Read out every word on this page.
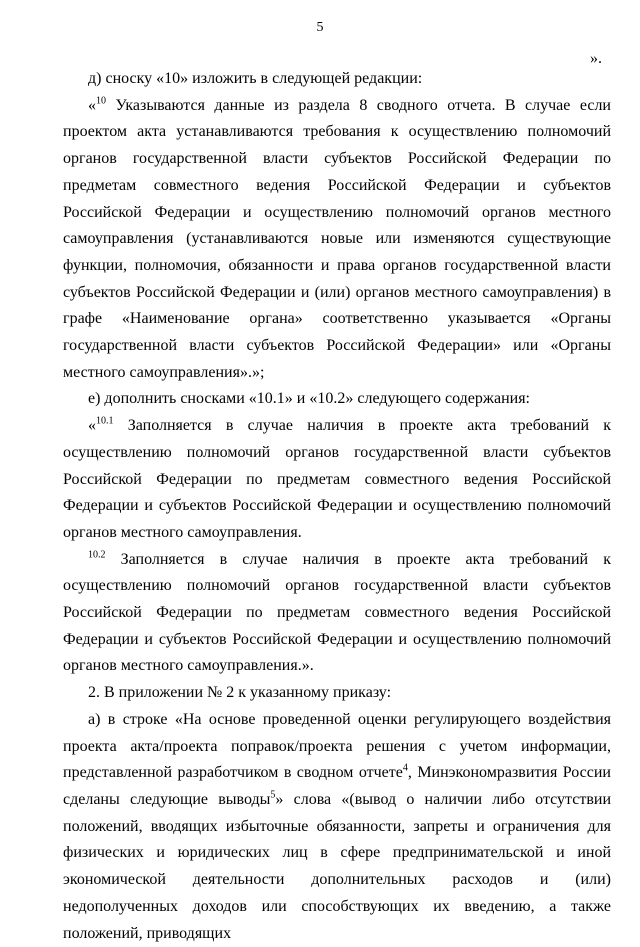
5
».

д) сноску «10» изложить в следующей редакции:

«$^{10}$ Указываются данные из раздела 8 сводного отчета. В случае если проектом акта устанавливаются требования к осуществлению полномочий органов государственной власти субъектов Российской Федерации по предметам совместного ведения Российской Федерации и субъектов Российской Федерации и осуществлению полномочий органов местного самоуправления (устанавливаются новые или изменяются существующие функции, полномочия, обязанности и права органов государственной власти субъектов Российской Федерации и (или) органов местного самоуправления) в графе «Наименование органа» соответственно указывается «Органы государственной власти субъектов Российской Федерации» или «Органы местного самоуправления».»;

е) дополнить сносками «10.1» и «10.2» следующего содержания:

«$^{10.1}$ Заполняется в случае наличия в проекте акта требований к осуществлению полномочий органов государственной власти субъектов Российской Федерации по предметам совместного ведения Российской Федерации и субъектов Российской Федерации и осуществлению полномочий органов местного самоуправления.

$^{10.2}$ Заполняется в случае наличия в проекте акта требований к осуществлению полномочий органов государственной власти субъектов Российской Федерации по предметам совместного ведения Российской Федерации и субъектов Российской Федерации и осуществлению полномочий органов местного самоуправления.».

2. В приложении № 2 к указанному приказу:

а) в строке «На основе проведенной оценки регулирующего воздействия проекта акта/проекта поправок/проекта решения с учетом информации, представленной разработчиком в сводном отчете$^4$, Минэкономразвития России сделаны следующие выводы$^5$» слова «(вывод о наличии либо отсутствии положений, вводящих избыточные обязанности, запреты и ограничения для физических и юридических лиц в сфере предпринимательской и иной экономической деятельности дополнительных расходов и (или) недополученных доходов или способствующих их введению, а также положений, приводящих
